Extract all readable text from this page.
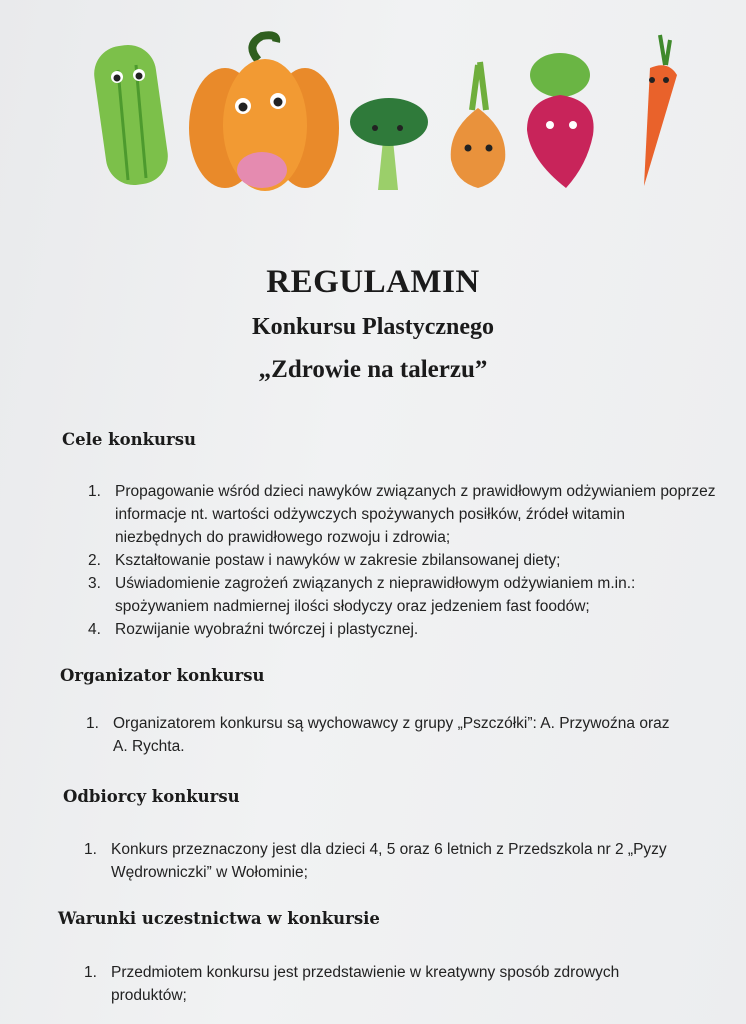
REGULAMIN
Konkursu Plastycznego
„Zdrowie na talerzu”
Cele konkursu
1. Propagowanie wśród dzieci nawyków związanych z prawidłowym odżywianiem poprzez
informacje nt. wartości odżywczych spożywanych posiłków, źródeł witamin
niezbędnych do prawidłowego rozwoju i zdrowia;
2. Kształtowanie postaw i nawyków w zakresie zbilansowanej diety;
3. Uświadomienie zagrożeń związanych z nieprawidłowym odżywianiem m.in.:
spożywaniem nadmiernej ilości słodyczy oraz jedzeniem fast foodów;
4. Rozwijanie wyobraźni twórczej i plastycznej.
Organizator konkursu
1. Organizatorem konkursu są wychowawcy z grupy „Pszczółki”: A. Przywoźna oraz
A. Rychta.
Odbiorcy konkursu
1. Konkurs przeznaczony jest dla dzieci 4, 5 oraz 6 letnich z Przedszkola nr 2 „Pyzy
Wędrowniczki” w Wołominie;
Warunki uczestnictwa w konkursie
1. Przedmiotem konkursu jest przedstawienie w kreatywny sposób zdrowych
produktów;
